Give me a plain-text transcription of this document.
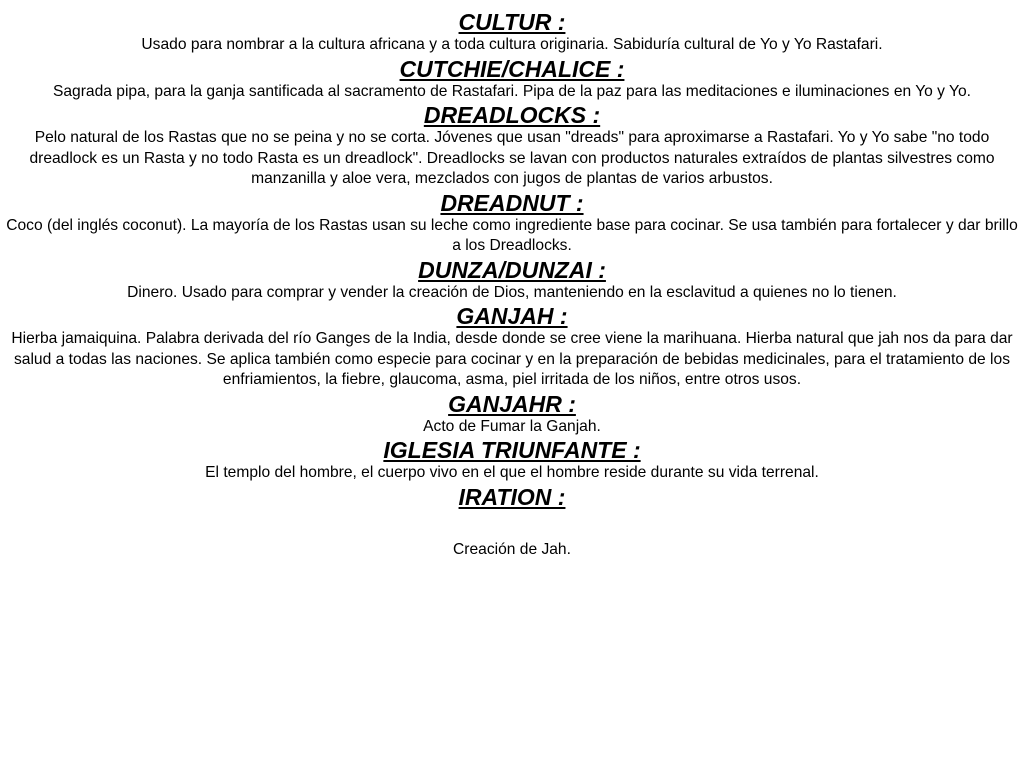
CULTUR :

Usado para nombrar a la cultura africana y a toda cultura originaria. Sabiduría cultural de Yo y Yo Rastafari.

CUTCHIE/CHALICE :

Sagrada pipa, para la ganja santificada al sacramento de Rastafari. Pipa de la paz para las meditaciones e iluminaciones en Yo y Yo.

DREADLOCKS :

Pelo natural de los Rastas que no se peina y no se corta. Jóvenes que usan "dreads" para aproximarse a Rastafari. Yo y Yo sabe "no todo dreadlock es un Rasta y no todo Rasta es un dreadlock". Dreadlocks se lavan con productos naturales extraídos de plantas silvestres como manzanilla y aloe vera, mezclados con jugos de plantas de varios arbustos.

DREADNUT :

Coco (del inglés coconut). La mayoría de los Rastas usan su leche como ingrediente base para cocinar. Se usa también para fortalecer y dar brillo a los Dreadlocks.

DUNZA/DUNZAI :

Dinero. Usado para comprar y vender la creación de Dios, manteniendo en la esclavitud a quienes no lo tienen.

GANJAH :

Hierba jamaiquina. Palabra derivada del río Ganges de la India, desde donde se cree viene la marihuana. Hierba natural que jah nos da para dar salud a todas las naciones. Se aplica también como especie para cocinar y en la preparación de bebidas medicinales, para el tratamiento de los enfriamientos, la fiebre, glaucoma, asma, piel irritada de los niños, entre otros usos.

GANJAHR :

Acto de Fumar la Ganjah.

IGLESIA TRIUNFANTE :

El templo del hombre, el cuerpo vivo en el que el hombre reside durante su vida terrenal.

IRATION :

Creación de Jah.
